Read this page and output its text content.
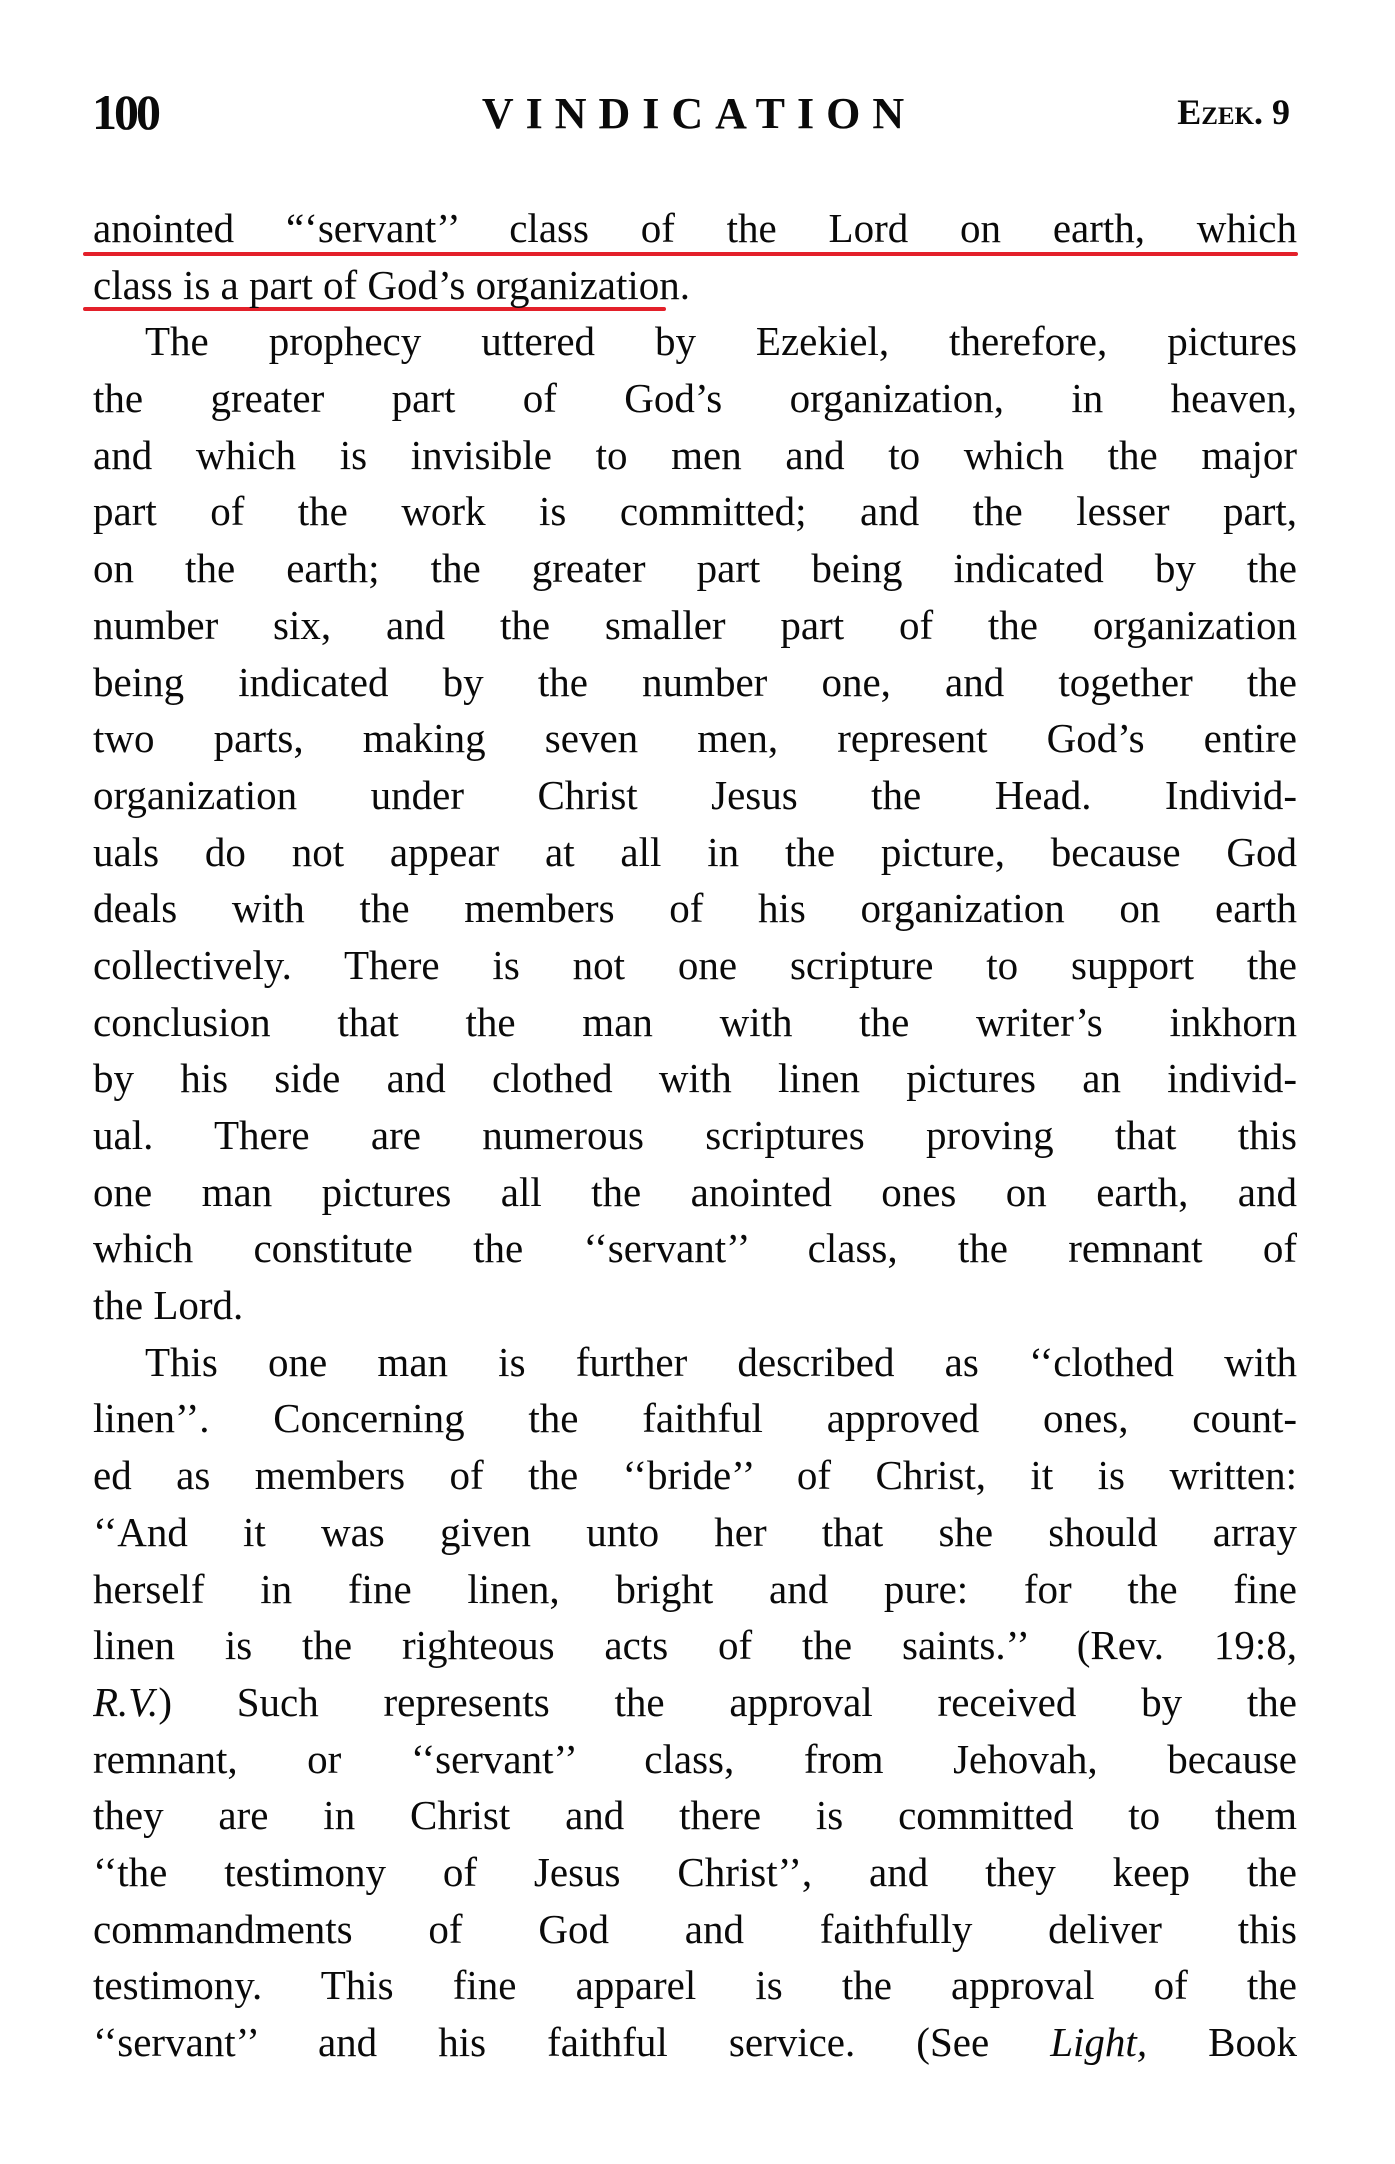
100	VINDICATION	Ezek. 9
anointed “‘servant’’ class of the Lord on earth, which
class is a part of God’s organization.
The prophecy uttered by Ezekiel, therefore, pictures
the greater part of God’s organization, in heaven,
and which is invisible to men and to which the major
part of the work is committed; and the lesser part,
on the earth; the greater part being indicated by the
number six, and the smaller part of the organization
being indicated by the number one, and together the
two parts, making seven men, represent God’s entire
organization under Christ Jesus the Head. Individ-
uals do not appear at all in the picture, because God
deals with the members of his organization on earth
collectively. There is not one scripture to support the
conclusion that the man with the writer’s inkhorn
by his side and clothed with linen pictures an individ-
ual. There are numerous scriptures proving that this
one man pictures all the anointed ones on earth, and
which constitute the ‘‘servant’’ class, the remnant of
the Lord.
This one man is further described as ‘‘clothed with
linen’’. Concerning the faithful approved ones, count-
ed as members of the ‘‘bride’’ of Christ, it is written:
‘‘And it was given unto her that she should array
herself in fine linen, bright and pure: for the fine
linen is the righteous acts of the saints.’’ (Rev. 19:8,
R.V.) Such represents the approval received by the
remnant, or ‘‘servant’’ class, from Jehovah, because
they are in Christ and there is committed to them
‘‘the testimony of Jesus Christ’’, and they keep the
commandments of God and faithfully deliver this
testimony. This fine apparel is the approval of the
‘‘servant’’ and his faithful service. (See Light, Book
